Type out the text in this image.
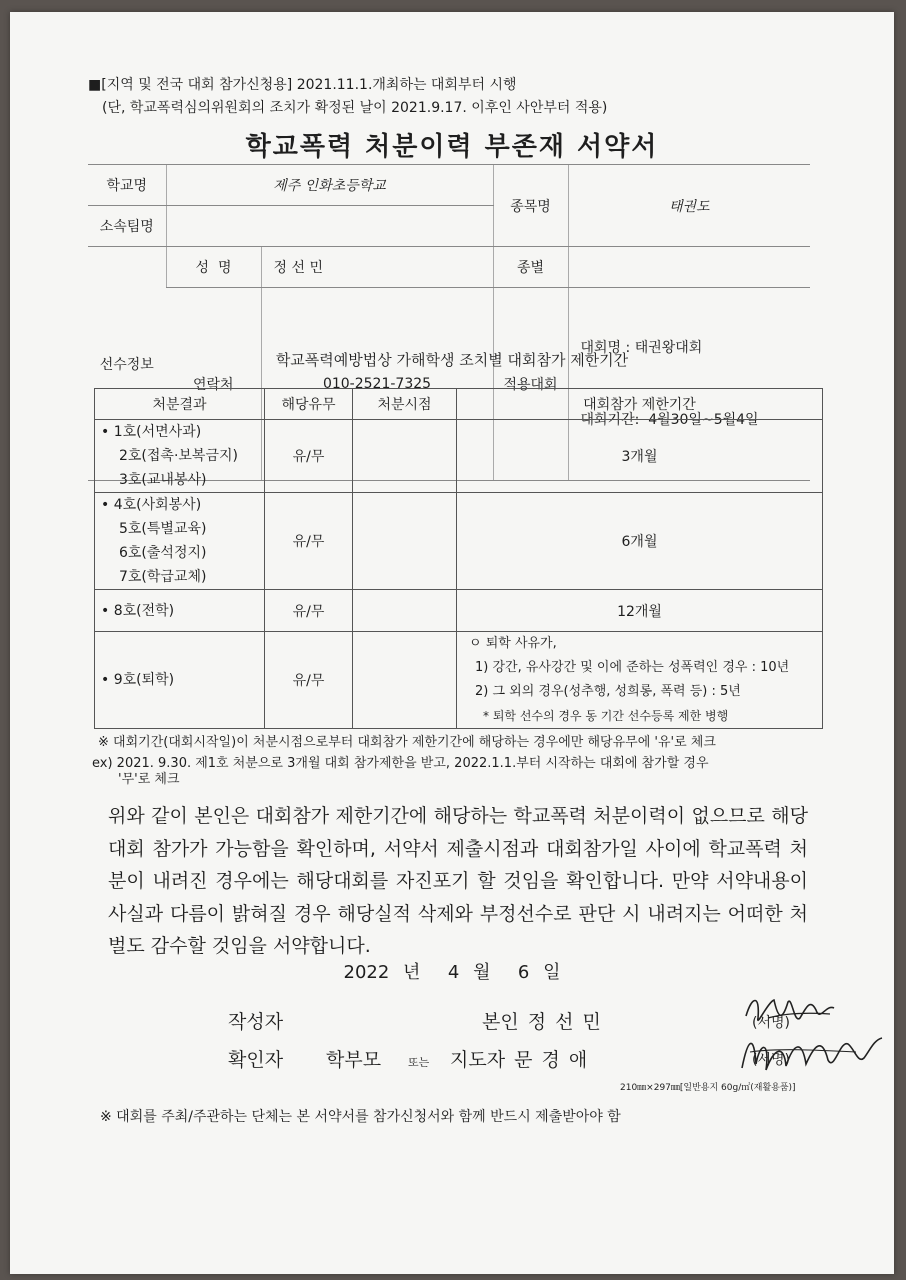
■[지역 및 전국 대회 참가신청용] 2021.11.1.개최하는 대회부터 시행
(단, 학교폭력심의위원회의 조치가 확정된 날이 2021.9.17. 이후인 사안부터 적용)
학교폭력 처분이력 부존재 서약서
학교명	제주 인화초등학교		종목명	태권도
소속팀명				
선수정보	성  명	정 선 민	종별	
	연락처	010-2521-7325	적용대회	대회명 : 태권왕대회

대회기간:  4월30일~5월4일

학교폭력예방법상 가해학생 조치별 대회참가 제한기간
처분결과	해당유무	처분시점	대회참가 제한기간

• 1호(서면사과)
2호(접촉·보복금지)
3호(교내봉사)	유/무		3개월

• 4호(사회봉사)
5호(특별교육)
6호(출석정지)
7호(학급교체)	유/무		6개월

• 8호(전학)	유/무		12개월

• 9호(퇴학)	유/무		ㅇ 퇴학 사유가,
1) 강간, 유사강간 및 이에 준하는 성폭력인 경우 : 10년
2) 그 외의 경우(성추행, 성희롱, 폭력 등) : 5년
* 퇴학 선수의 경우 동 기간 선수등록 제한 병행
※ 대회기간(대회시작일)이 처분시점으로부터 대회참가 제한기간에 해당하는 경우에만 해당유무에 '유'로 체크
ex) 2021. 9.30. 제1호 처분으로 3개월 대회 참가제한을 받고, 2022.1.1.부터 시작하는 대회에 참가할 경우
'무'로 체크
위와 같이 본인은 대회참가 제한기간에 해당하는 학교폭력 처분이력이 없으므로 해당 대회 참가가 가능함을 확인하며, 서약서 제출시점과 대회참가일 사이에 학교폭력 처분이 내려진 경우에는 해당대회를 자진포기 할 것임을 확인합니다. 만약 서약내용이 사실과 다름이 밝혀질 경우 해당실적 삭제와 부정선수로 판단 시 내려지는 어떠한 처벌도 감수할 것임을 서약합니다.
2022 년  4 월  6 일
작성자	본인 정 선 민	(서명)
확인자 학부모 또는 지도자 문 경 애	(서명)
210㎜×297㎜[일반용지 60g/㎡(재활용품)]
※ 대회를 주최/주관하는 단체는 본 서약서를 참가신청서와 함께 반드시 제출받아야 함
